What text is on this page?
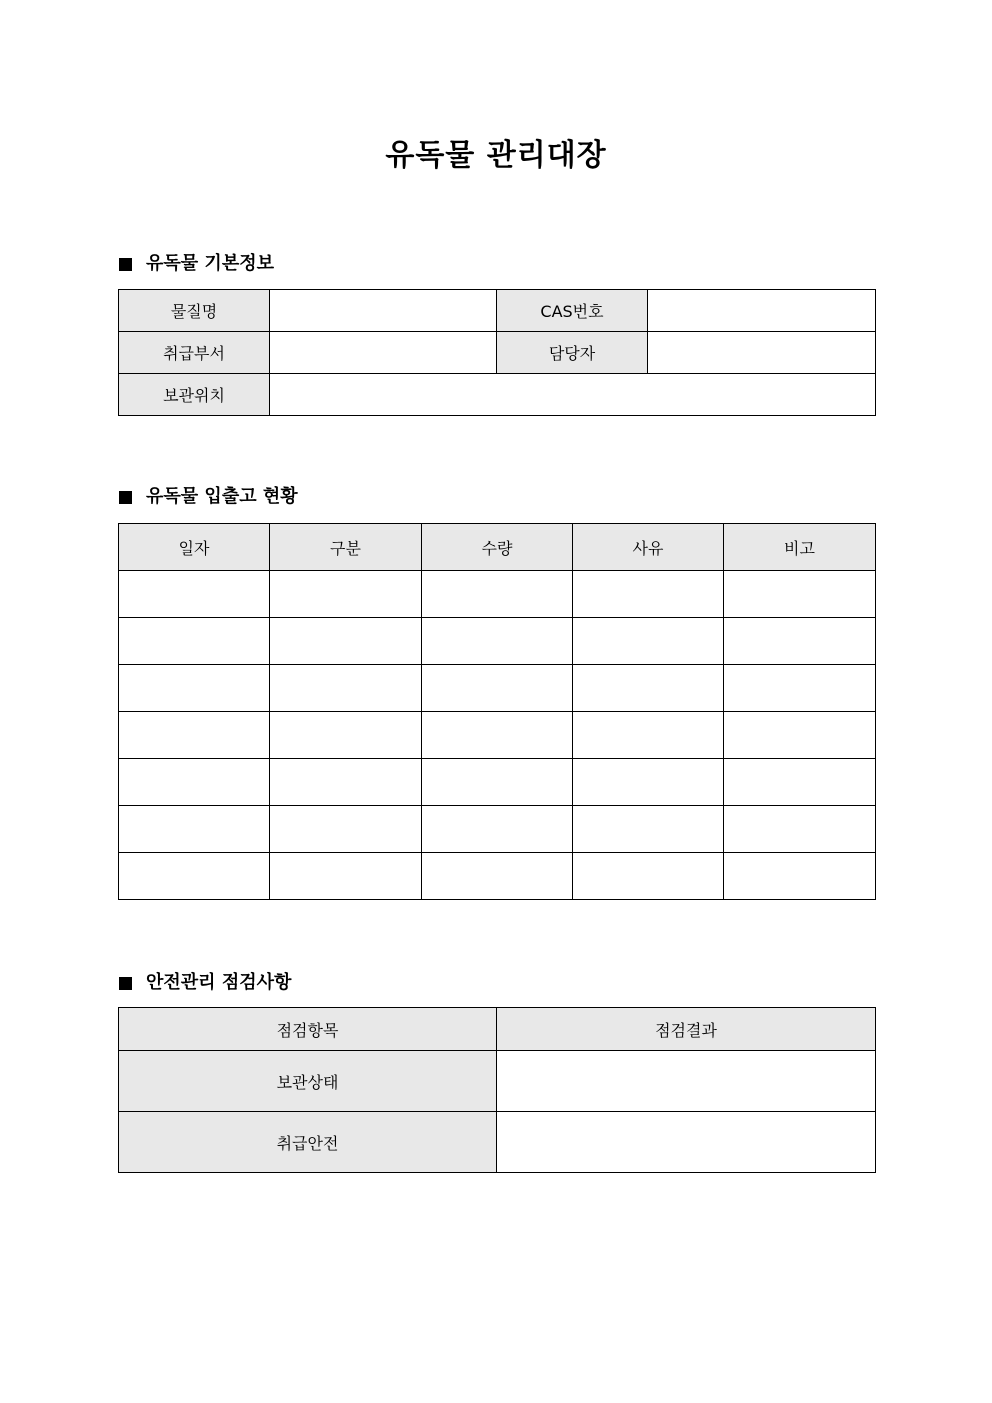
유독물 관리대장
유독물 기본정보
물질명		CAS번호	
취급부서		담당자	
보관위치			
유독물 입출고 현황
일자	구분	수량	사유	비고

안전관리 점검사항
점검항목	점검결과
보관상태	
취급안전	
